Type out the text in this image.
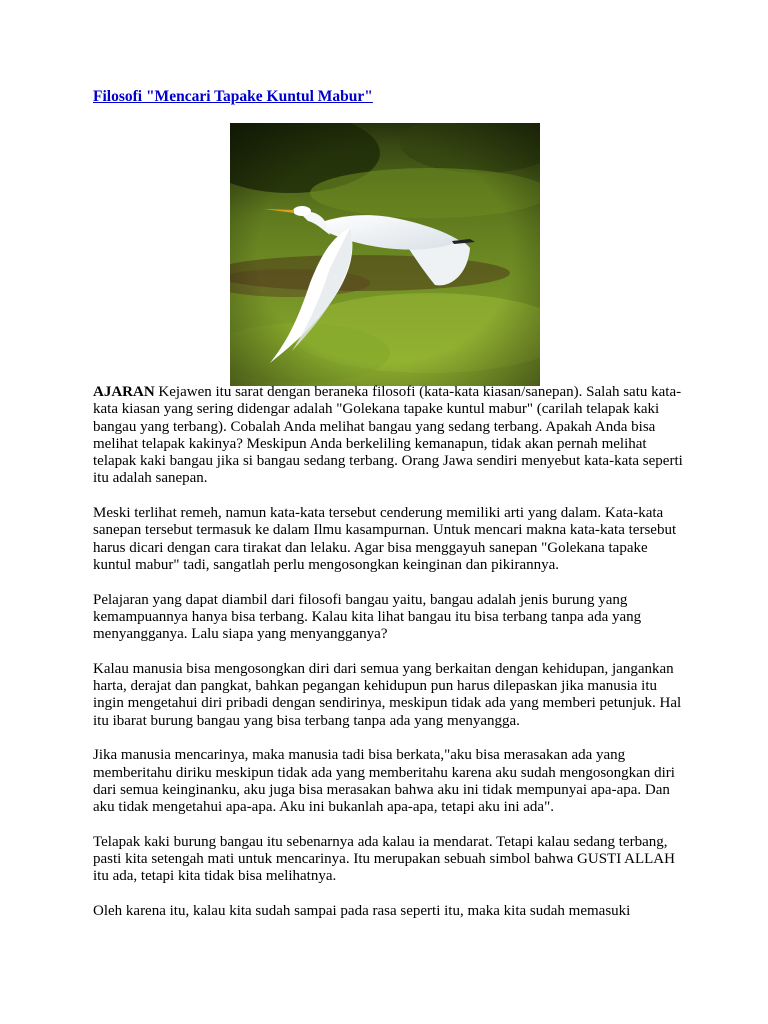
Filosofi "Mencari Tapake Kuntul Mabur"

AJARAN Kejawen itu sarat dengan beraneka filosofi (kata-kata kiasan/sanepan). Salah satu kata-kata kiasan yang sering didengar adalah "Golekana tapake kuntul mabur" (carilah telapak kaki bangau yang terbang). Cobalah Anda melihat bangau yang sedang terbang. Apakah Anda bisa melihat telapak kakinya? Meskipun Anda berkeliling kemanapun, tidak akan pernah melihat telapak kaki bangau jika si bangau sedang terbang. Orang Jawa sendiri menyebut kata-kata seperti itu adalah sanepan.

Meski terlihat remeh, namun kata-kata tersebut cenderung memiliki arti yang dalam. Kata-kata sanepan tersebut termasuk ke dalam Ilmu kasampurnan. Untuk mencari makna kata-kata tersebut harus dicari dengan cara tirakat dan lelaku. Agar bisa menggayuh sanepan "Golekana tapake kuntul mabur" tadi, sangatlah perlu mengosongkan keinginan dan pikirannya.

Pelajaran yang dapat diambil dari filosofi bangau yaitu, bangau adalah jenis burung yang kemampuannya hanya bisa terbang. Kalau kita lihat bangau itu bisa terbang tanpa ada yang menyangganya. Lalu siapa yang menyangganya?

Kalau manusia bisa mengosongkan diri dari semua yang berkaitan dengan kehidupan, jangankan harta, derajat dan pangkat, bahkan pegangan kehidupun pun harus dilepaskan jika manusia itu ingin mengetahui diri pribadi dengan sendirinya, meskipun tidak ada yang memberi petunjuk. Hal itu ibarat burung bangau yang bisa terbang tanpa ada yang menyangga.

Jika manusia mencarinya, maka manusia tadi bisa berkata,"aku bisa merasakan ada yang memberitahu diriku meskipun tidak ada yang memberitahu karena aku sudah mengosongkan diri dari semua keinginanku, aku juga bisa merasakan bahwa aku ini tidak mempunyai apa-apa. Dan aku tidak mengetahui apa-apa. Aku ini bukanlah apa-apa, tetapi aku ini ada".

Telapak kaki burung bangau itu sebenarnya ada kalau ia mendarat. Tetapi kalau sedang terbang, pasti kita setengah mati untuk mencarinya. Itu merupakan sebuah simbol bahwa GUSTI ALLAH itu ada, tetapi kita tidak bisa melihatnya.

Oleh karena itu, kalau kita sudah sampai pada rasa seperti itu, maka kita sudah memasuki
